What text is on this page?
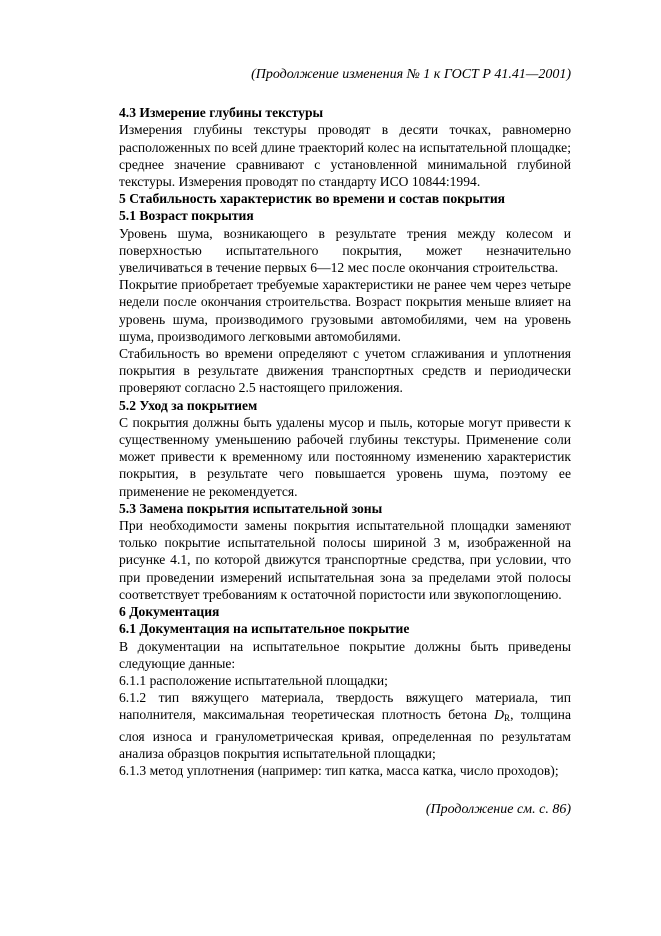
(Продолжение изменения № 1 к ГОСТ Р 41.41—2001)

4.3 Измерение глубины текстуры

Измерения глубины текстуры проводят в десяти точках, равномерно расположенных по всей длине траекторий колес на испытательной площадке; среднее значение сравнивают с установленной минимальной глубиной текстуры. Измерения проводят по стандарту ИСО 10844:1994.

5 Стабильность характеристик во времени и состав покрытия

5.1 Возраст покрытия

Уровень шума, возникающего в результате трения между колесом и поверхностью испытательного покрытия, может незначительно увеличиваться в течение первых 6—12 мес после окончания строительства.

Покрытие приобретает требуемые характеристики не ранее чем через четыре недели после окончания строительства. Возраст покрытия меньше влияет на уровень шума, производимого грузовыми автомобилями, чем на уровень шума, производимого легковыми автомобилями.

Стабильность во времени определяют с учетом сглаживания и уплотнения покрытия в результате движения транспортных средств и периодически проверяют согласно 2.5 настоящего приложения.

5.2 Уход за покрытием

С покрытия должны быть удалены мусор и пыль, которые могут привести к существенному уменьшению рабочей глубины текстуры. Применение соли может привести к временному или постоянному изменению характеристик покрытия, в результате чего повышается уровень шума, поэтому ее применение не рекомендуется.

5.3 Замена покрытия испытательной зоны

При необходимости замены покрытия испытательной площадки заменяют только покрытие испытательной полосы шириной 3 м, изображенной на рисунке 4.1, по которой движутся транспортные средства, при условии, что при проведении измерений испытательная зона за пределами этой полосы соответствует требованиям к остаточной пористости или звукопоглощению.

6 Документация

6.1 Документация на испытательное покрытие

В документации на испытательное покрытие должны быть приведены следующие данные:

6.1.1 расположение испытательной площадки;

6.1.2 тип вяжущего материала, твердость вяжущего материала, тип наполнителя, максимальная теоретическая плотность бетона $D_R$, толщина слоя износа и гранулометрическая кривая, определенная по результатам анализа образцов покрытия испытательной площадки;

6.1.3 метод уплотнения (например: тип катка, масса катка, число проходов);

(Продолжение см. с. 86)
